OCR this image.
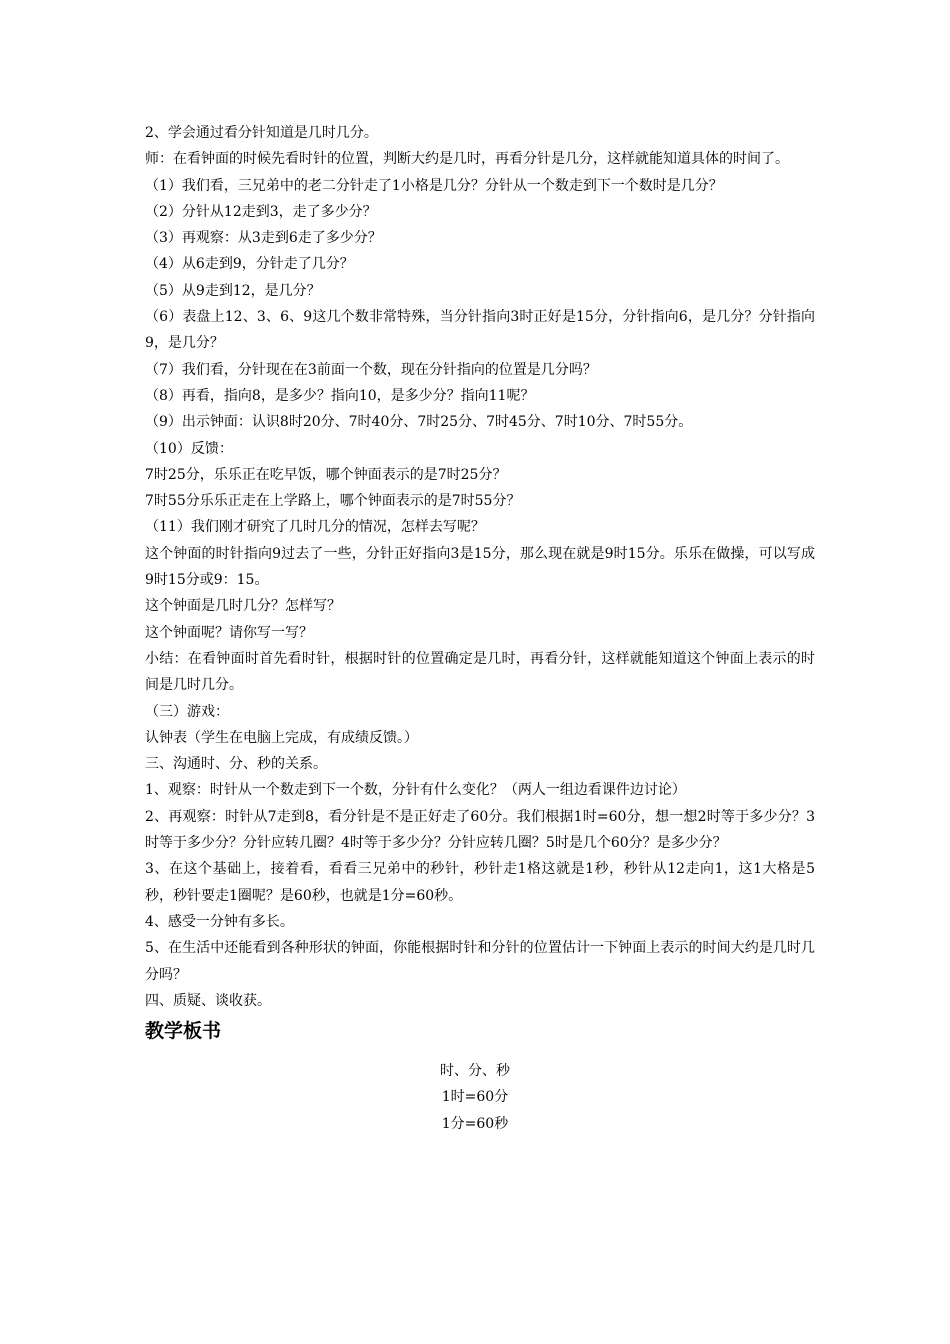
2、学会通过看分针知道是几时几分。

师：在看钟面的时候先看时针的位置，判断大约是几时，再看分针是几分，这样就能知道具体的时间了。

（1）我们看，三兄弟中的老二分针走了1小格是几分？分针从一个数走到下一个数时是几分？

（2）分针从12走到3，走了多少分？

（3）再观察：从3走到6走了多少分？

（4）从6走到9，分针走了几分？

（5）从9走到12，是几分？

（6）表盘上12、3、6、9这几个数非常特殊，当分针指向3时正好是15分，分针指向6，是几分？分针指向9，是几分？

（7）我们看，分针现在在3前面一个数，现在分针指向的位置是几分吗？

（8）再看，指向8，是多少？指向10，是多少分？指向11呢？

（9）出示钟面：认识8时20分、7时40分、7时25分、7时45分、7时10分、7时55分。

（10）反馈：

7时25分，乐乐正在吃早饭，哪个钟面表示的是7时25分？

7时55分乐乐正走在上学路上，哪个钟面表示的是7时55分？

（11）我们刚才研究了几时几分的情况，怎样去写呢？

这个钟面的时针指向9过去了一些，分针正好指向3是15分，那么现在就是9时15分。乐乐在做操，可以写成9时15分或9：15。

这个钟面是几时几分？怎样写？

这个钟面呢？请你写一写？

小结：在看钟面时首先看时针，根据时针的位置确定是几时，再看分针，这样就能知道这个钟面上表示的时间是几时几分。

（三）游戏：

认钟表（学生在电脑上完成，有成绩反馈。）

三、沟通时、分、秒的关系。

1、观察：时针从一个数走到下一个数，分针有什么变化？（两人一组边看课件边讨论）

2、再观察：时针从7走到8，看分针是不是正好走了60分。我们根据1时=60分，想一想2时等于多少分？3时等于多少分？分针应转几圈？4时等于多少分？分针应转几圈？5时是几个60分？是多少分？

3、在这个基础上，接着看，看看三兄弟中的秒针，秒针走1格这就是1秒，秒针从12走向1，这1大格是5秒，秒针要走1圈呢？是60秒，也就是1分=60秒。

4、感受一分钟有多长。

5、在生活中还能看到各种形状的钟面，你能根据时针和分针的位置估计一下钟面上表示的时间大约是几时几分吗？

四、质疑、谈收获。

教学板书

时、分、秒

1时=60分

1分=60秒
